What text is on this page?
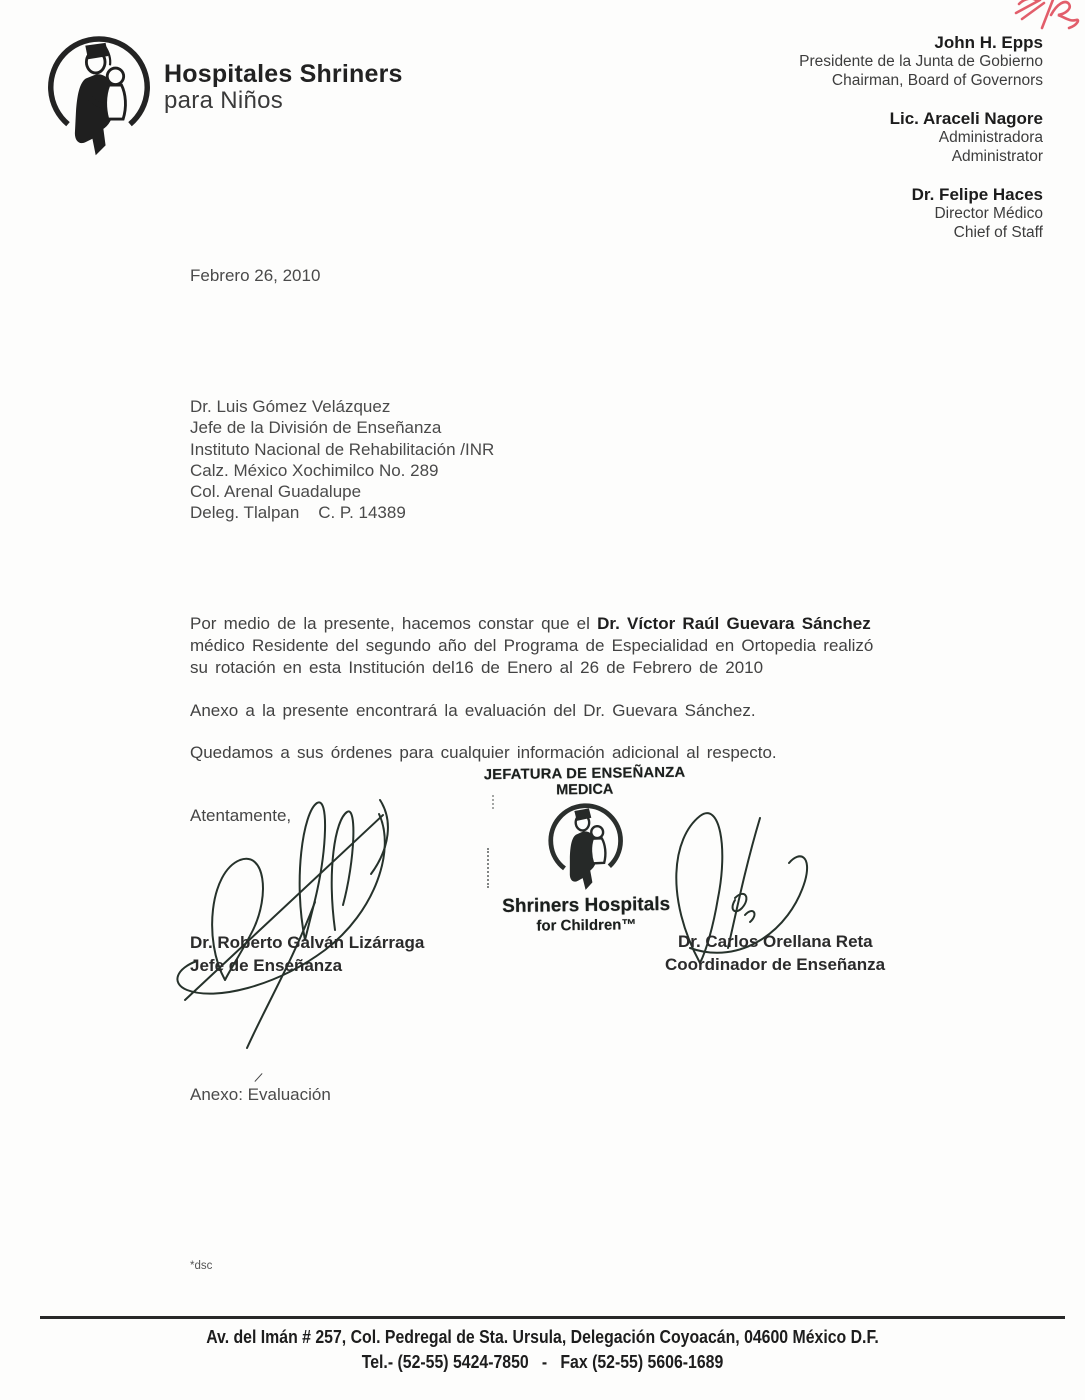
Hospitales Shriners
para Niños
John H. Epps
Presidente de la Junta de Gobierno
Chairman, Board of Governors
Lic. Araceli Nagore
Administradora
Administrator
Dr. Felipe Haces
Director Médico
Chief of Staff
Febrero 26, 2010
Dr. Luis Gómez Velázquez
Jefe de la División de Enseñanza
Instituto Nacional de Rehabilitación /INR
Calz. México Xochimilco No. 289
Col. Arenal Guadalupe
Deleg. Tlalpan    C. P. 14389
Por medio de la presente, hacemos constar que el Dr. Víctor Raúl Guevara Sánchez
médico Residente del segundo año del Programa de Especialidad en Ortopedia realizó
su rotación en esta Institución del16 de Enero al 26 de Febrero de 2010
Anexo a la presente encontrará la evaluación del Dr. Guevara Sánchez.
Quedamos a sus órdenes para cualquier información adicional al respecto.
Atentamente,
JEFATURA DE ENSEÑANZA
MEDICA
Shriners Hospitals
for Children™
Dr. Roberto Galván Lizárraga
Jefe de Enseñanza
Dr. Carlos Orellana Reta
Coordinador de Enseñanza
Anexo: Evaluación
*dsc
Av. del Imán # 257, Col. Pedregal de Sta. Ursula, Delegación Coyoacán, 04600 México D.F.
Tel.- (52-55) 5424-7850   -   Fax (52-55) 5606-1689
